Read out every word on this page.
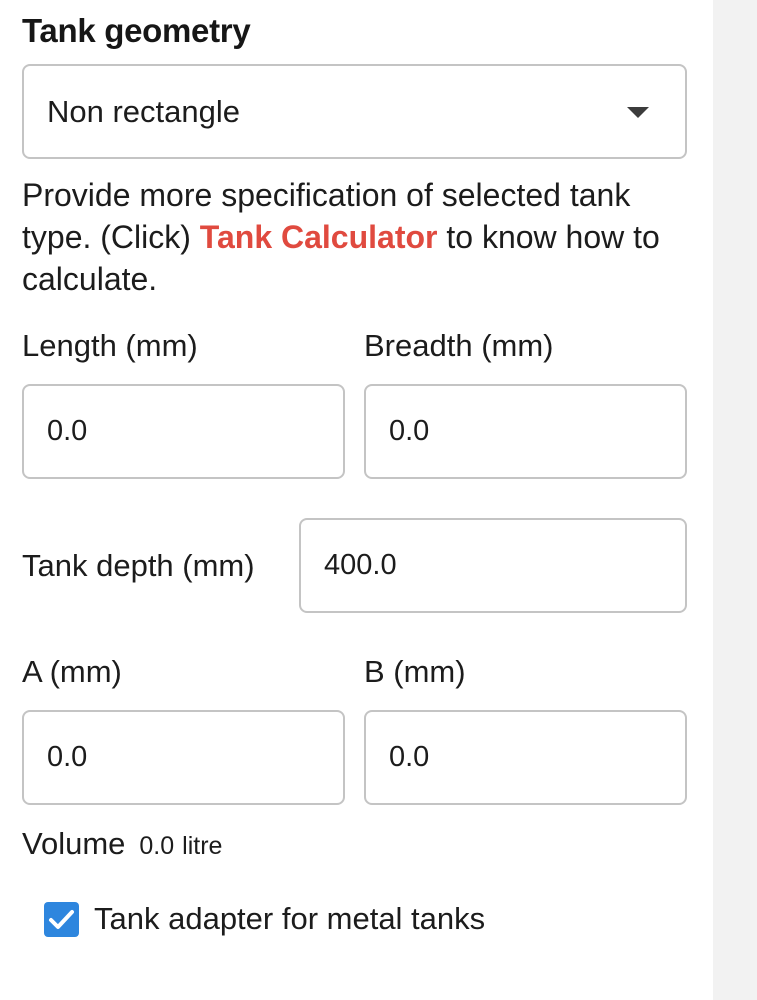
Tank geometry
Non rectangle

Provide more specification of selected tank type. (Click) Tank Calculator to know how to calculate.

Length (mm)	Breadth (mm)
0.0
0.0
Tank depth (mm)
400.0
A (mm)	B (mm)
0.0
0.0
Volume 0.0 litre
Tank adapter for metal tanks
